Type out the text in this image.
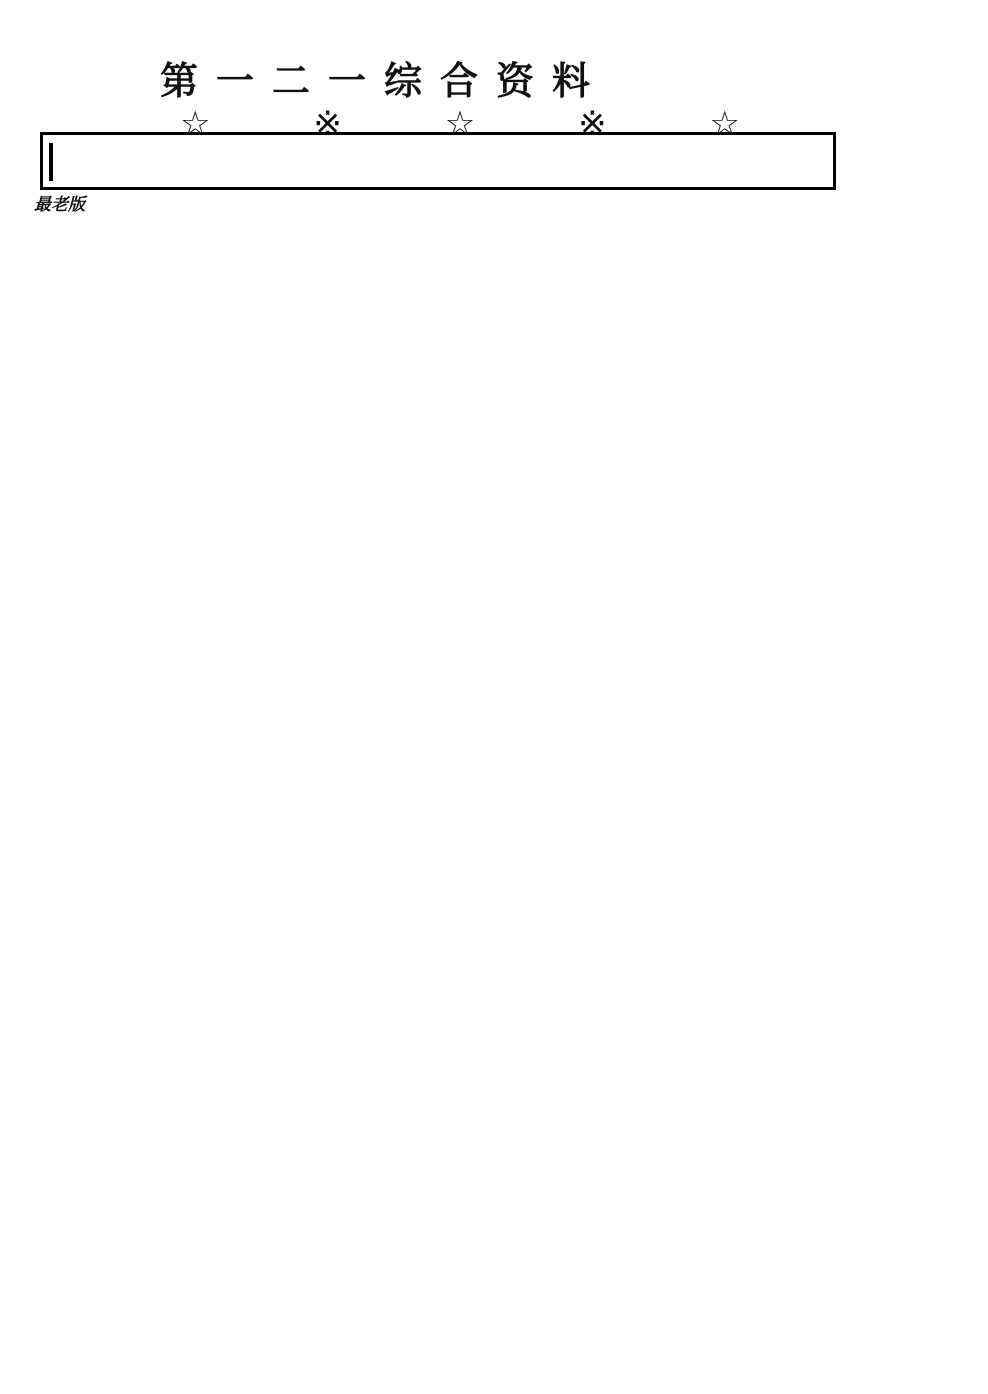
第一二一综合资料
☆	※	☆	※	☆
最老版
